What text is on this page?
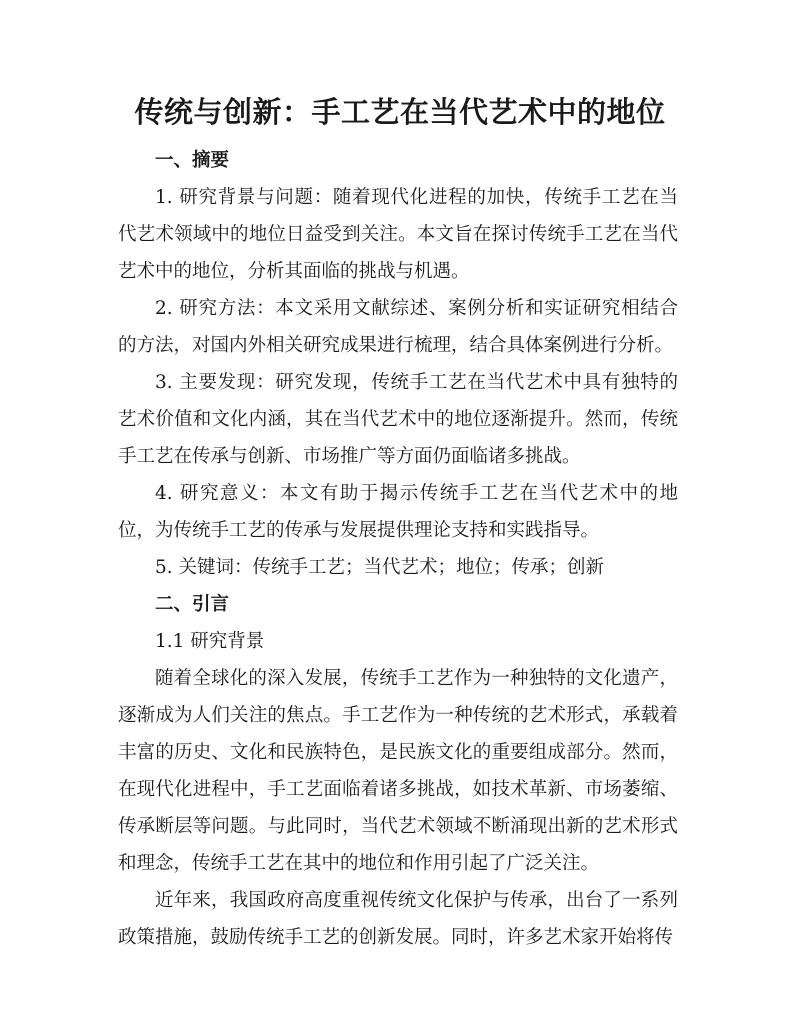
传统与创新：手工艺在当代艺术中的地位

一、摘要

1. 研究背景与问题：随着现代化进程的加快，传统手工艺在当代艺术领域中的地位日益受到关注。本文旨在探讨传统手工艺在当代艺术中的地位，分析其面临的挑战与机遇。

2. 研究方法：本文采用文献综述、案例分析和实证研究相结合的方法，对国内外相关研究成果进行梳理，结合具体案例进行分析。

3. 主要发现：研究发现，传统手工艺在当代艺术中具有独特的艺术价值和文化内涵，其在当代艺术中的地位逐渐提升。然而，传统手工艺在传承与创新、市场推广等方面仍面临诸多挑战。

4. 研究意义：本文有助于揭示传统手工艺在当代艺术中的地位，为传统手工艺的传承与发展提供理论支持和实践指导。

5. 关键词：传统手工艺；当代艺术；地位；传承；创新

二、引言

1.1 研究背景

随着全球化的深入发展，传统手工艺作为一种独特的文化遗产，逐渐成为人们关注的焦点。手工艺作为一种传统的艺术形式，承载着丰富的历史、文化和民族特色，是民族文化的重要组成部分。然而，在现代化进程中，手工艺面临着诸多挑战，如技术革新、市场萎缩、传承断层等问题。与此同时，当代艺术领域不断涌现出新的艺术形式和理念，传统手工艺在其中的地位和作用引起了广泛关注。

近年来，我国政府高度重视传统文化保护与传承，出台了一系列政策措施，鼓励传统手工艺的创新发展。同时，许多艺术家开始将传
